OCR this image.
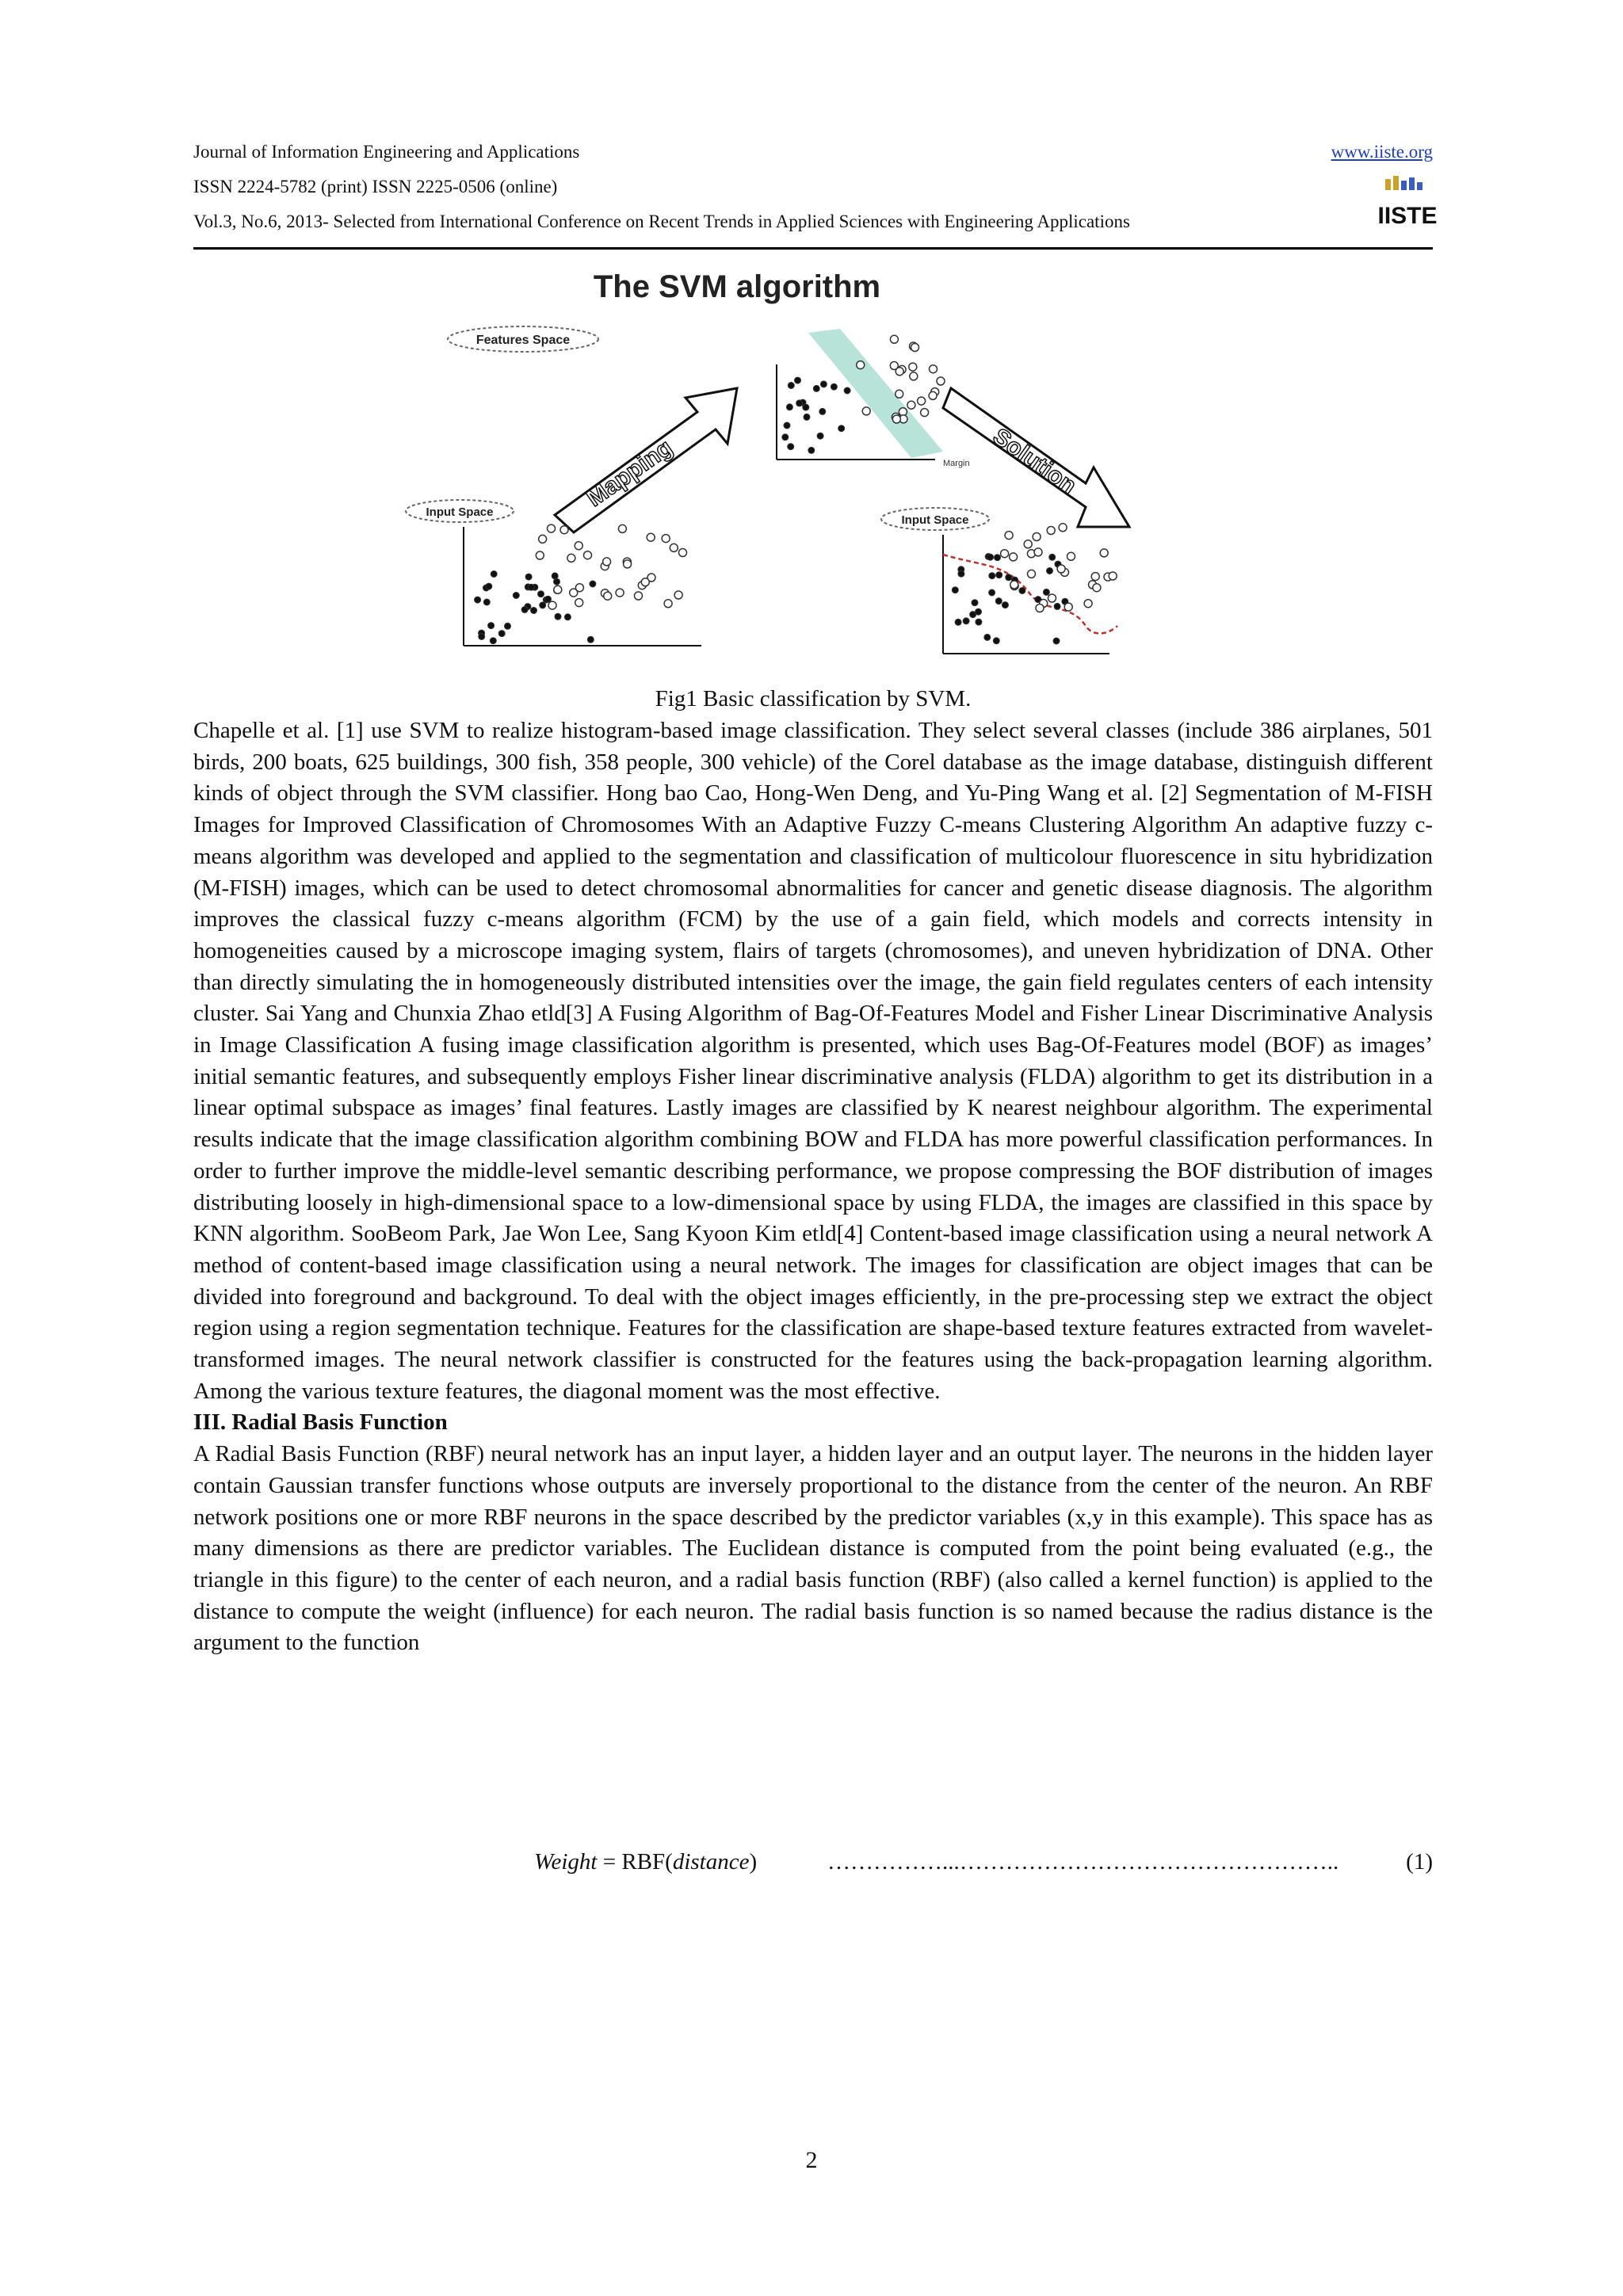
Journal of Information Engineering and Applications	www.iiste.org
ISSN 2224-5782 (print) ISSN 2225-0506 (online)
Vol.3, No.6, 2013- Selected from International Conference on Recent Trends in Applied Sciences with Engineering Applications	IISTE
The SVM algorithm
Features Space
Margin
Mapping	Solution
Input Space
Input Space
Fig1 Basic classification by SVM.

Chapelle et al. [1] use SVM to realize histogram-based image classification. They select several classes (include 386 airplanes, 501 birds, 200 boats, 625 buildings, 300 fish, 358 people, 300 vehicle) of the Corel database as the image database, distinguish different kinds of object through the SVM classifier. Hong bao Cao, Hong-Wen Deng, and Yu-Ping Wang et al. [2] Segmentation of M-FISH Images for Improved Classification of Chromosomes With an Adaptive Fuzzy C-means Clustering Algorithm An adaptive fuzzy c-means algorithm was developed and applied to the segmentation and classification of multicolour fluorescence in situ hybridization (M-FISH) images, which can be used to detect chromosomal abnormalities for cancer and genetic disease diagnosis. The algorithm improves the classical fuzzy c-means algorithm (FCM) by the use of a gain field, which models and corrects intensity in homogeneities caused by a microscope imaging system, flairs of targets (chromosomes), and uneven hybridization of DNA. Other than directly simulating the in homogeneously distributed intensities over the image, the gain field regulates centers of each intensity cluster. Sai Yang and Chunxia Zhao etld[3] A Fusing Algorithm of Bag-Of-Features Model and Fisher Linear Discriminative Analysis in Image Classification A fusing image classification algorithm is presented, which uses Bag-Of-Features model (BOF) as images’ initial semantic features, and subsequently employs Fisher linear discriminative analysis (FLDA) algorithm to get its distribution in a linear optimal subspace as images’ final features. Lastly images are classified by K nearest neighbour algorithm. The experimental results indicate that the image classification algorithm combining BOW and FLDA has more powerful classification performances. In order to further improve the middle-level semantic describing performance, we propose compressing the BOF distribution of images distributing loosely in high-dimensional space to a low-dimensional space by using FLDA, the images are classified in this space by KNN algorithm. SooBeom Park, Jae Won Lee, Sang Kyoon Kim etld[4] Content-based image classification using a neural network A method of content-based image classification using a neural network. The images for classification are object images that can be divided into foreground and background. To deal with the object images efficiently, in the pre-processing step we extract the object region using a region segmentation technique. Features for the classification are shape-based texture features extracted from wavelet-transformed images. The neural network classifier is constructed for the features using the back-propagation learning algorithm. Among the various texture features, the diagonal moment was the most effective.

III. Radial Basis Function

A Radial Basis Function (RBF) neural network has an input layer, a hidden layer and an output layer. The neurons in the hidden layer contain Gaussian transfer functions whose outputs are inversely proportional to the distance from the center of the neuron. An RBF network positions one or more RBF neurons in the space described by the predictor variables (x,y in this example). This space has as many dimensions as there are predictor variables. The Euclidean distance is computed from the point being evaluated (e.g., the triangle in this figure) to the center of each neuron, and a radial basis function (RBF) (also called a kernel function) is applied to the distance to compute the weight (influence) for each neuron. The radial basis function is so named because the radius distance is the argument to the function

Weight = RBF(distance)	……………...…………………………………………..	(1)
2
